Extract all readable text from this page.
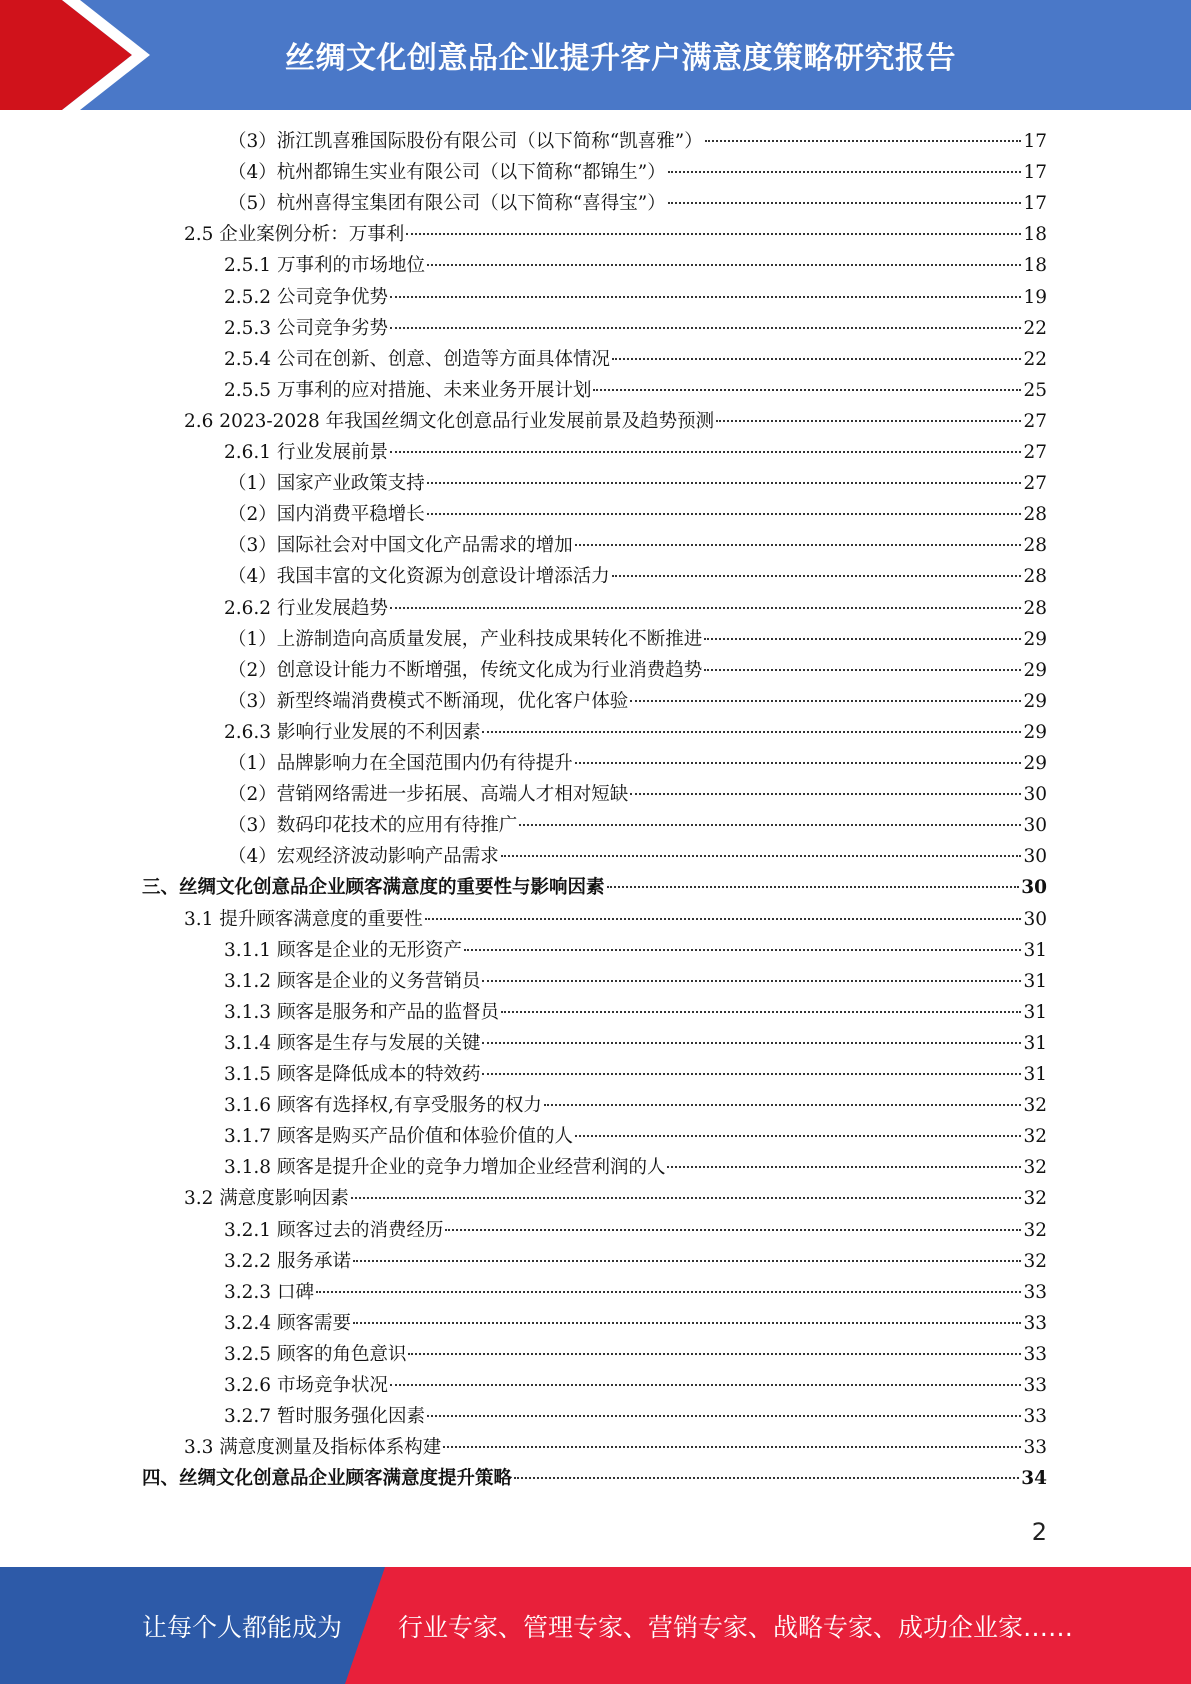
丝绸文化创意品企业提升客户满意度策略研究报告
（3）浙江凯喜雅国际股份有限公司（以下简称“凯喜雅”）	17
（4）杭州都锦生实业有限公司（以下简称“都锦生”）	17
（5）杭州喜得宝集团有限公司（以下简称“喜得宝”）	17
2.5 企业案例分析：万事利	18
2.5.1 万事利的市场地位	18
2.5.2 公司竞争优势	19
2.5.3 公司竞争劣势	22
2.5.4 公司在创新、创意、创造等方面具体情况	22
2.5.5 万事利的应对措施、未来业务开展计划	25
2.6 2023-2028 年我国丝绸文化创意品行业发展前景及趋势预测	27
2.6.1 行业发展前景	27
（1）国家产业政策支持	27
（2）国内消费平稳增长	28
（3）国际社会对中国文化产品需求的增加	28
（4）我国丰富的文化资源为创意设计增添活力	28
2.6.2 行业发展趋势	28
（1）上游制造向高质量发展，产业科技成果转化不断推进	29
（2）创意设计能力不断增强，传统文化成为行业消费趋势	29
（3）新型终端消费模式不断涌现，优化客户体验	29
2.6.3 影响行业发展的不利因素	29
（1）品牌影响力在全国范围内仍有待提升	29
（2）营销网络需进一步拓展、高端人才相对短缺	30
（3）数码印花技术的应用有待推广	30
（4）宏观经济波动影响产品需求	30
三、丝绸文化创意品企业顾客满意度的重要性与影响因素	30
3.1 提升顾客满意度的重要性	30
3.1.1 顾客是企业的无形资产	31
3.1.2 顾客是企业的义务营销员	31
3.1.3 顾客是服务和产品的监督员	31
3.1.4 顾客是生存与发展的关键	31
3.1.5 顾客是降低成本的特效药	31
3.1.6 顾客有选择权,有享受服务的权力	32
3.1.7 顾客是购买产品价值和体验价值的人	32
3.1.8 顾客是提升企业的竞争力增加企业经营利润的人	32
3.2 满意度影响因素	32
3.2.1 顾客过去的消费经历	32
3.2.2 服务承诺	32
3.2.3 口碑	33
3.2.4 顾客需要	33
3.2.5 顾客的角色意识	33
3.2.6 市场竞争状况	33
3.2.7 暂时服务强化因素	33
3.3 满意度测量及指标体系构建	33
四、丝绸文化创意品企业顾客满意度提升策略	34
2
让每个人都能成为 行业专家、管理专家、营销专家、战略专家、成功企业家……
